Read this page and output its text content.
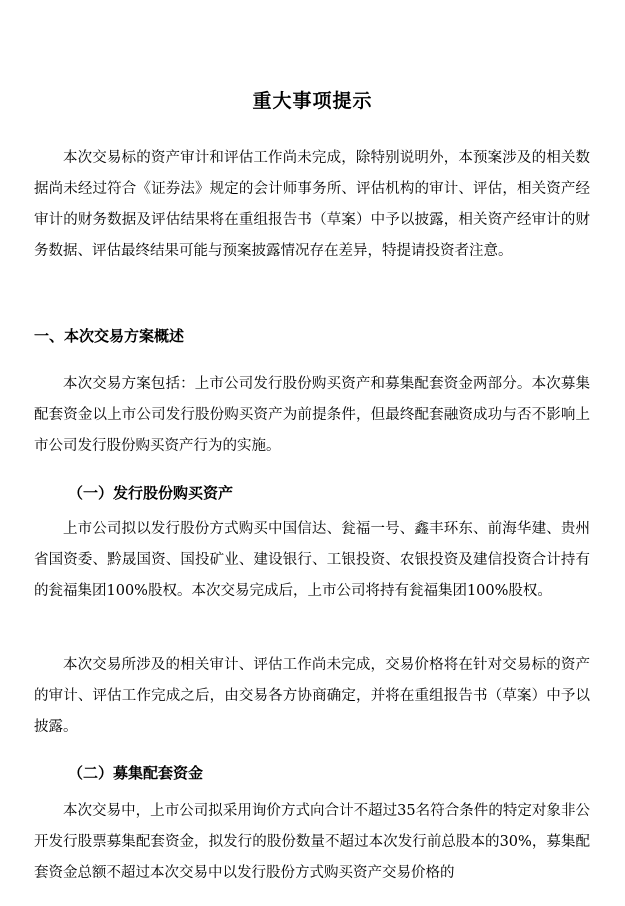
重大事项提示

本次交易标的资产审计和评估工作尚未完成，除特别说明外，本预案涉及的相关数据尚未经过符合《证券法》规定的会计师事务所、评估机构的审计、评估，相关资产经审计的财务数据及评估结果将在重组报告书（草案）中予以披露，相关资产经审计的财务数据、评估最终结果可能与预案披露情况存在差异，特提请投资者注意。

一、本次交易方案概述

本次交易方案包括：上市公司发行股份购买资产和募集配套资金两部分。本次募集配套资金以上市公司发行股份购买资产为前提条件，但最终配套融资成功与否不影响上市公司发行股份购买资产行为的实施。

（一）发行股份购买资产

上市公司拟以发行股份方式购买中国信达、瓮福一号、鑫丰环东、前海华建、贵州省国资委、黔晟国资、国投矿业、建设银行、工银投资、农银投资及建信投资合计持有的瓮福集团100%股权。本次交易完成后，上市公司将持有瓮福集团100%股权。

本次交易所涉及的相关审计、评估工作尚未完成，交易价格将在针对交易标的资产的审计、评估工作完成之后，由交易各方协商确定，并将在重组报告书（草案）中予以披露。

（二）募集配套资金

本次交易中，上市公司拟采用询价方式向合计不超过35名符合条件的特定对象非公开发行股票募集配套资金，拟发行的股份数量不超过本次发行前总股本的30%，募集配套资金总额不超过本次交易中以发行股份方式购买资产交易价格的
